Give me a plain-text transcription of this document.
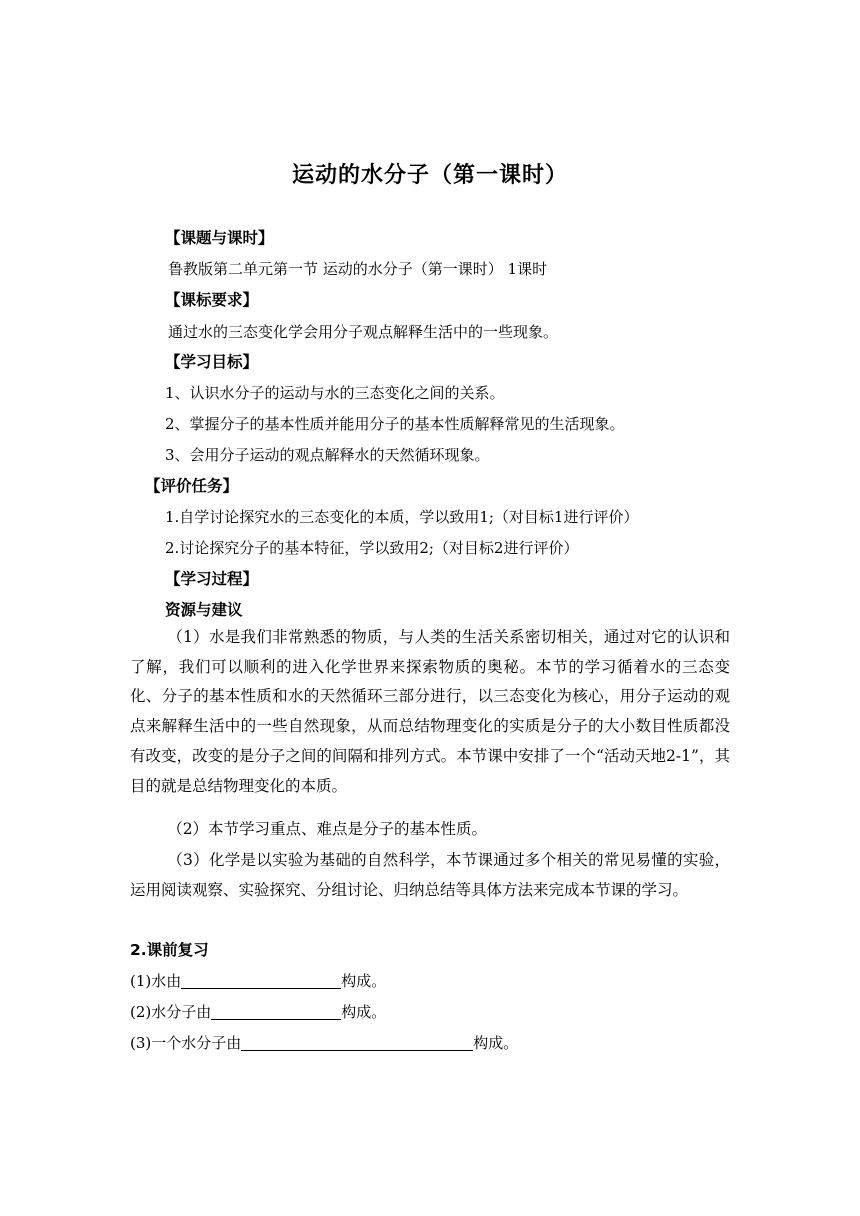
运动的水分子（第一课时）
【课题与课时】
鲁教版第二单元第一节 运动的水分子（第一课时） 1课时
【课标要求】
通过水的三态变化学会用分子观点解释生活中的一些现象。
【学习目标】
1、认识水分子的运动与水的三态变化之间的关系。
2、掌握分子的基本性质并能用分子的基本性质解释常见的生活现象。
3、会用分子运动的观点解释水的天然循环现象。
【评价任务】
1.自学讨论探究水的三态变化的本质，学以致用1;（对目标1进行评价）
2.讨论探究分子的基本特征，学以致用2;（对目标2进行评价）
【学习过程】
资源与建议
（1）水是我们非常熟悉的物质，与人类的生活关系密切相关，通过对它的认识和了解，我们可以顺利的进入化学世界来探索物质的奥秘。本节的学习循着水的三态变化、分子的基本性质和水的天然循环三部分进行，以三态变化为核心，用分子运动的观点来解释生活中的一些自然现象，从而总结物理变化的实质是分子的大小数目性质都没有改变，改变的是分子之间的间隔和排列方式。本节课中安排了一个“活动天地2-1”，其目的就是总结物理变化的本质。
（2）本节学习重点、难点是分子的基本性质。
（3）化学是以实验为基础的自然科学，本节课通过多个相关的常见易懂的实验，运用阅读观察、实验探究、分组讨论、归纳总结等具体方法来完成本节课的学习。
2.课前复习
(1)水由	构成。
(2)水分子由	构成。
(3)一个水分子由	构成。
